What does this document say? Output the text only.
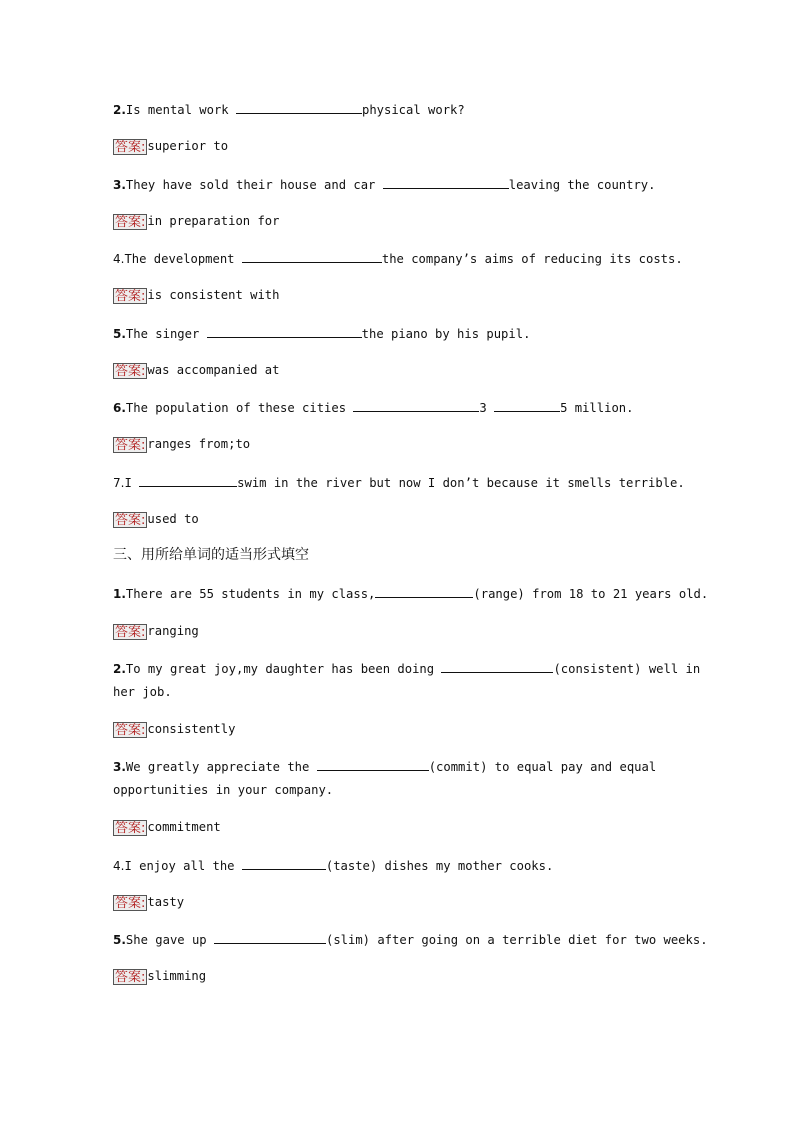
2.Is mental work	physical work?
答案: superior to
3.They have sold their house and car	leaving the country.
答案: in preparation for
4.The development	the company’s aims of reducing its costs.
答案: is consistent with
5.The singer	the piano by his pupil.
答案: was accompanied at
6.The population of these cities	3	5 million.
答案: ranges from;to
7.I	swim in the river but now I don’t because it smells terrible.
答案: used to
三、用所给单词的适当形式填空
1.There are 55 students in my class,	(range) from 18 to 21 years old.
答案: ranging
2.To my great joy,my daughter has been doing	(consistent) well in
her job.
答案: consistently
3.We greatly appreciate the	(commit) to equal pay and equal
opportunities in your company.
答案: commitment
4.I enjoy all the	(taste) dishes my mother cooks.
答案: tasty
5.She gave up	(slim) after going on a terrible diet for two weeks.
答案: slimming
